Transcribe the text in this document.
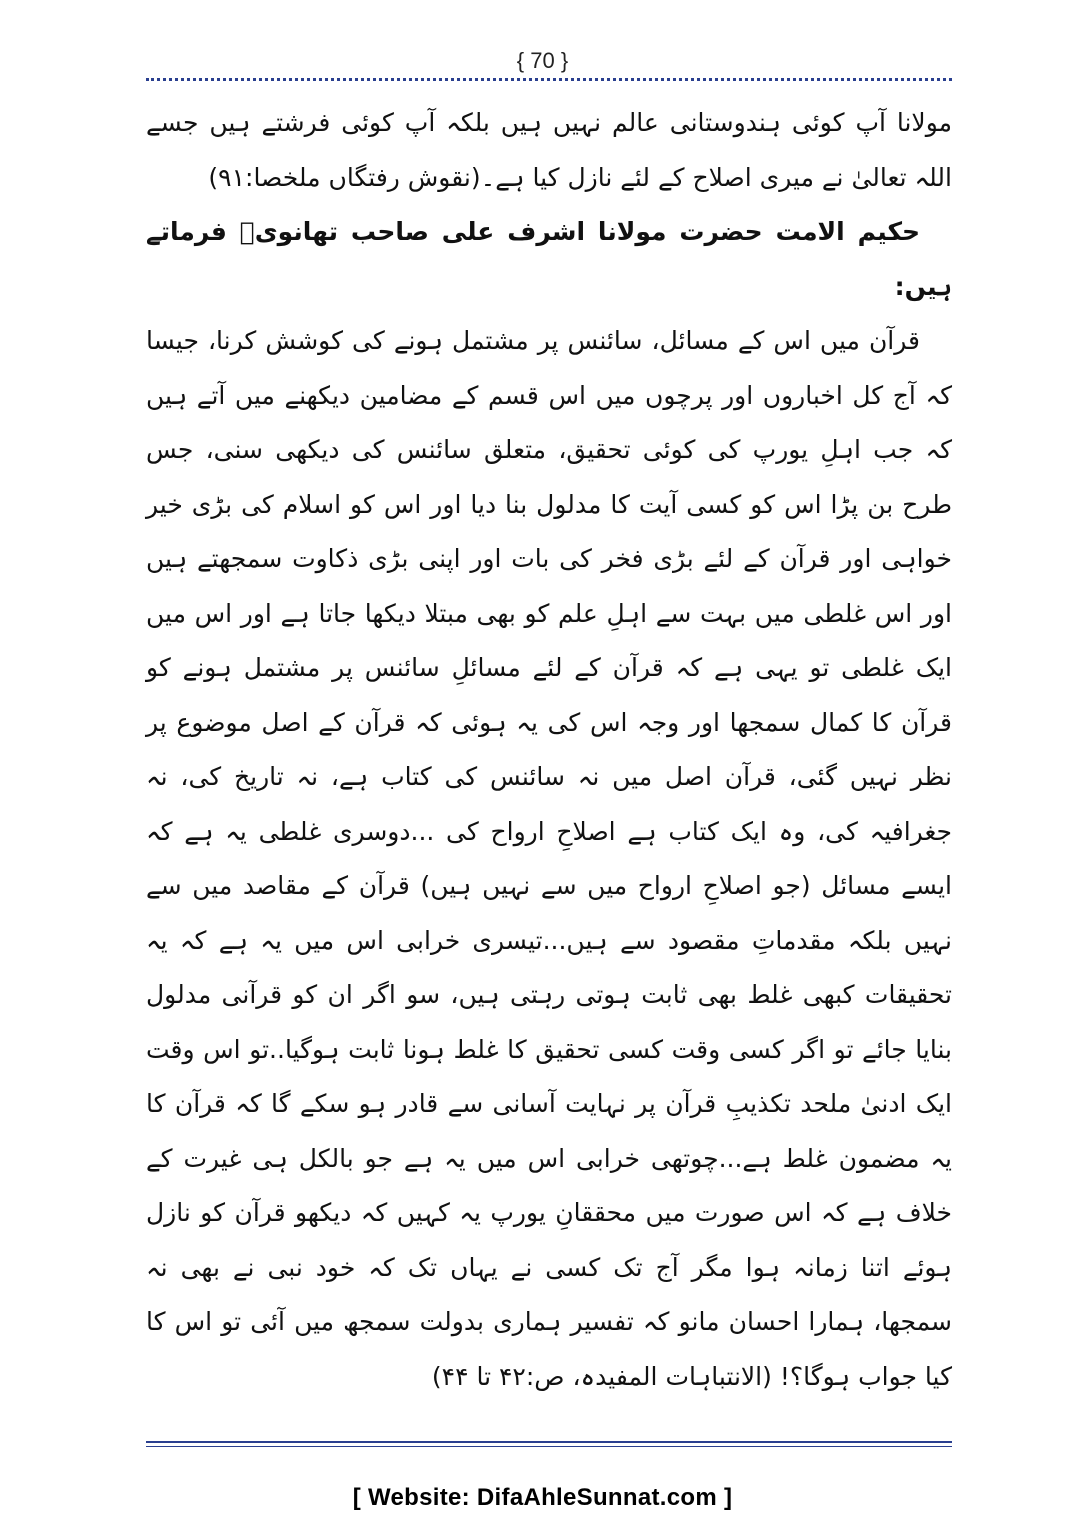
{ 70 }

مولانا آپ کوئی ہندوستانی عالم نہیں ہیں بلکہ آپ کوئی فرشتے ہیں جسے اللہ تعالیٰ نے میری اصلاح کے لئے نازل کیا ہے۔(نقوش رفتگاں ملخصا:۹۱)

حکیم الامت حضرت مولانا اشرف علی صاحب تھانویؒ فرماتے ہیں:

قرآن میں اس کے مسائل، سائنس پر مشتمل ہونے کی کوشش کرنا، جیسا کہ آج کل اخباروں اور پرچوں میں اس قسم کے مضامین دیکھنے میں آتے ہیں کہ جب اہلِ یورپ کی کوئی تحقیق، متعلق سائنس کی دیکھی سنی، جس طرح بن پڑا اس کو کسی آیت کا مدلول بنا دیا اور اس کو اسلام کی بڑی خیر خواہی اور قرآن کے لئے بڑی فخر کی بات اور اپنی بڑی ذکاوت سمجھتے ہیں اور اس غلطی میں بہت سے اہلِ علم کو بھی مبتلا دیکھا جاتا ہے اور اس میں ایک غلطی تو یہی ہے کہ قرآن کے لئے مسائلِ سائنس پر مشتمل ہونے کو قرآن کا کمال سمجھا اور وجہ اس کی یہ ہوئی کہ قرآن کے اصل موضوع پر نظر نہیں گئی، قرآن اصل میں نہ سائنس کی کتاب ہے، نہ تاریخ کی، نہ جغرافیہ کی، وہ ایک کتاب ہے اصلاحِ ارواح کی ...دوسری غلطی یہ ہے کہ ایسے مسائل (جو اصلاحِ ارواح میں سے نہیں ہیں) قرآن کے مقاصد میں سے نہیں بلکہ مقدماتِ مقصود سے ہیں...تیسری خرابی اس میں یہ ہے کہ یہ تحقیقات کبھی غلط بھی ثابت ہوتی رہتی ہیں، سو اگر ان کو قرآنی مدلول بنایا جائے تو اگر کسی وقت کسی تحقیق کا غلط ہونا ثابت ہوگیا..تو اس وقت ایک ادنیٰ ملحد تکذیبِ قرآن پر نہایت آسانی سے قادر ہو سکے گا کہ قرآن کا یہ مضمون غلط ہے...چوتھی خرابی اس میں یہ ہے جو بالکل ہی غیرت کے خلاف ہے کہ اس صورت میں محققانِ یورپ یہ کہیں کہ دیکھو قرآن کو نازل ہوئے اتنا زمانہ ہوا مگر آج تک کسی نے یہاں تک کہ خود نبی نے بھی نہ سمجھا، ہمارا احسان مانو کہ تفسیر ہماری بدولت سمجھ میں آئی تو اس کا کیا جواب ہوگا؟! (الانتباہات المفیدہ، ص:۴۲ تا ۴۴)

[ Website: DifaAhleSunnat.com ]
